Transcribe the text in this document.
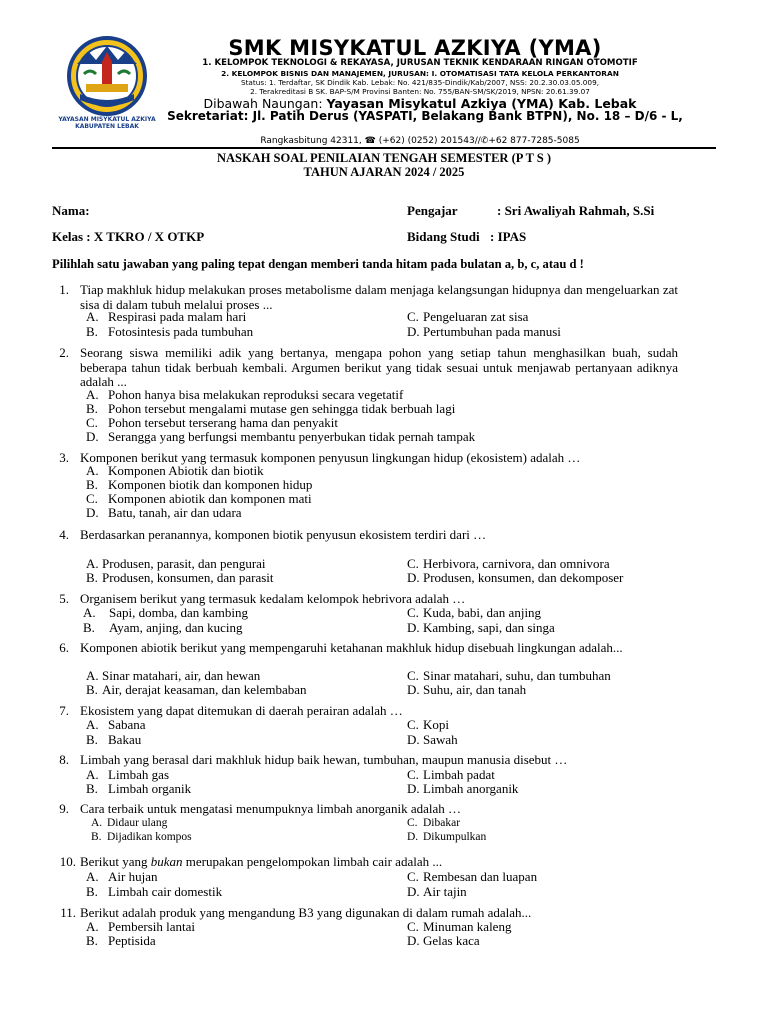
YAYASAN MISYKATUL AZKIYA
KABUPATEN LEBAK
SMK MISYKATUL AZKIYA (YMA)
1. KELOMPOK TEKNOLOGI & REKAYASA, JURUSAN TEKNIK KENDARAAN RINGAN OTOMOTIF
2. KELOMPOK BISNIS DAN MANAJEMEN, JURUSAN: I. OTOMATISASI TATA KELOLA PERKANTORAN
Status: 1. Terdaftar, SK Dindik Kab. Lebak: No. 421/835-Dindik/Kab/2007, NSS: 20.2.30.03.05.009,
2. Terakreditasi B SK. BAP-S/M Provinsi Banten: No. 755/BAN-SM/SK/2019, NPSN: 20.61.39.07
Dibawah Naungan: Yayasan Misykatul Azkiya (YMA) Kab. Lebak
Sekretariat: Jl. Patih Derus (YASPATI, Belakang Bank BTPN), No. 18 – D/6 - L,
Rangkasbitung 42311, ☎ (+62) (0252) 201543//✆+62 877-7285-5085
NASKAH SOAL PENILAIAN TENGAH SEMESTER (P T S )
TAHUN AJARAN 2024 / 2025
Nama:	Pengajar	: Sri Awaliyah Rahmah, S.Si
Kelas : X TKRO / X OTKP	Bidang Studi : IPAS
Pilihlah satu jawaban yang paling tepat dengan memberi tanda hitam pada bulatan a, b, c, atau d !
1. Tiap makhluk hidup melakukan proses metabolisme dalam menjaga kelangsungan hidupnya dan mengeluarkan zat sisa di dalam tubuh melalui proses ...
A. Respirasi pada malam hari
B. Fotosintesis pada tumbuhan
C. Pengeluaran zat sisa
D. Pertumbuhan pada manusi
2. Seorang siswa memiliki adik yang bertanya, mengapa pohon yang setiap tahun menghasilkan buah, sudah beberapa tahun tidak berbuah kembali. Argumen berikut yang tidak sesuai untuk menjawab pertanyaan adiknya adalah ...
A. Pohon hanya bisa melakukan reproduksi secara vegetatif
B. Pohon tersebut mengalami mutase gen sehingga tidak berbuah lagi
C. Pohon tersebut terserang hama dan penyakit
D. Serangga yang berfungsi membantu penyerbukan tidak pernah tampak
3. Komponen berikut yang termasuk komponen penyusun lingkungan hidup (ekosistem) adalah …
A. Komponen Abiotik dan biotik
B. Komponen biotik dan komponen hidup
C. Komponen abiotik dan komponen mati
D. Batu, tanah, air dan udara
4. Berdasarkan peranannya, komponen biotik penyusun ekosistem terdiri dari …
A. Produsen, parasit, dan pengurai
B. Produsen, konsumen, dan parasit
C. Herbivora, carnivora, dan omnivora
D. Produsen, konsumen, dan dekomposer
5. Organisem berikut yang termasuk kedalam kelompok hebrivora adalah …
A. Sapi, domba, dan kambing
B. Ayam, anjing, dan kucing
C. Kuda, babi, dan anjing
D. Kambing, sapi, dan singa
6. Komponen abiotik berikut yang mempengaruhi ketahanan makhluk hidup disebuah lingkungan adalah...
A. Sinar matahari, air, dan hewan
B. Air, derajat keasaman, dan kelembaban
C. Sinar matahari, suhu, dan tumbuhan
D. Suhu, air, dan tanah
7. Ekosistem yang dapat ditemukan di daerah perairan adalah …
A. Sabana
B. Bakau
C. Kopi
D. Sawah
8. Limbah yang berasal dari makhluk hidup baik hewan, tumbuhan, maupun manusia disebut …
A. Limbah gas
B. Limbah organik
C. Limbah padat
D. Limbah anorganik
9. Cara terbaik untuk mengatasi menumpuknya limbah anorganik adalah …
A. Didaur ulang
B. Dijadikan kompos
C. Dibakar
D. Dikumpulkan
10. Berikut yang bukan merupakan pengelompokan limbah cair adalah ...
A. Air hujan
B. Limbah cair domestik
C. Rembesan dan luapan
D. Air tajin
11. Berikut adalah produk yang mengandung B3 yang digunakan di dalam rumah adalah...
A. Pembersih lantai
B. Peptisida
C. Minuman kaleng
D. Gelas kaca
